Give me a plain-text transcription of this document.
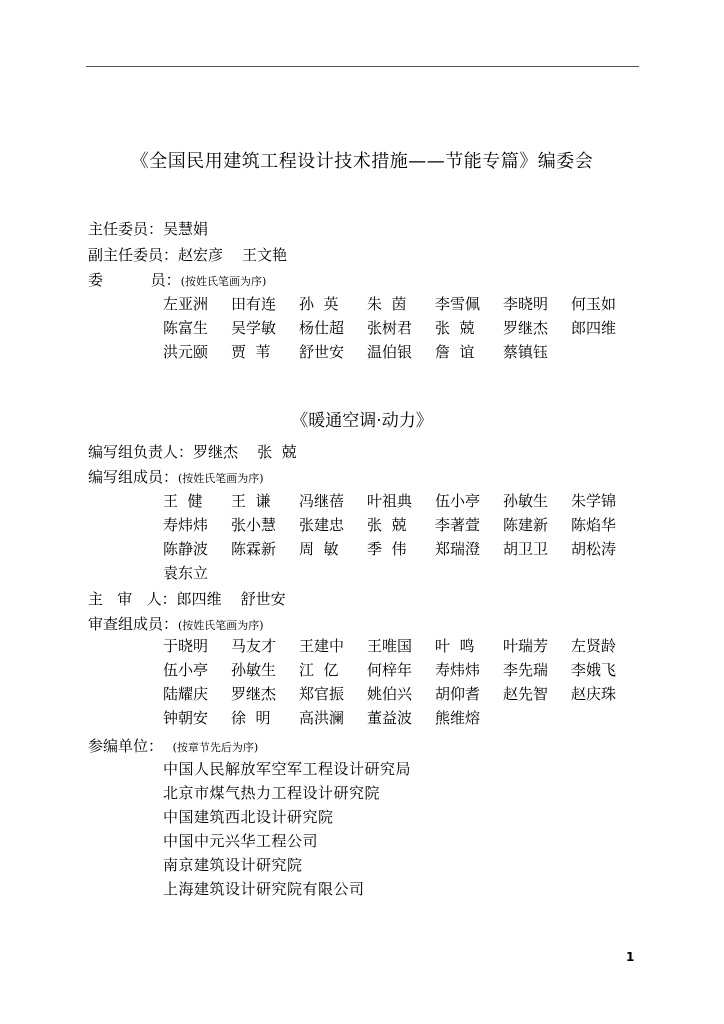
《全国民用建筑工程设计技术措施——节能专篇》编委会
主任委员：吴慧娟
副主任委员：赵宏彦    王文艳
委          员：(按姓氏笔画为序)
左亚洲	田有连	孙  英	朱  茵	李雪佩	李晓明	何玉如
陈富生	吴学敏	杨仕超	张树君	张  兢	罗继杰	郎四维
洪元颐	贾  苇	舒世安	温伯银	詹  谊	蔡镇钰
《暖通空调·动力》
编写组负责人：罗继杰    张  兢
编写组成员：(按姓氏笔画为序)
王  健	王  谦	冯继蓓	叶祖典	伍小亭	孙敏生	朱学锦
寿炜炜	张小慧	张建忠	张  兢	李著萱	陈建新	陈焰华
陈静波	陈霖新	周  敏	季  伟	郑瑞澄	胡卫卫	胡松涛
袁东立
主   审   人：郎四维    舒世安
审查组成员：(按姓氏笔画为序)
于晓明	马友才	王建中	王唯国	叶  鸣	叶瑞芳	左贤龄
伍小亭	孙敏生	江  亿	何梓年	寿炜炜	李先瑞	李娥飞
陆耀庆	罗继杰	郑官振	姚伯兴	胡仰耆	赵先智	赵庆珠
钟朝安	徐  明	高洪澜	董益波	熊维熔
参编单位： (按章节先后为序)
中国人民解放军空军工程设计研究局
北京市煤气热力工程设计研究院
中国建筑西北设计研究院
中国中元兴华工程公司
南京建筑设计研究院
上海建筑设计研究院有限公司
1
